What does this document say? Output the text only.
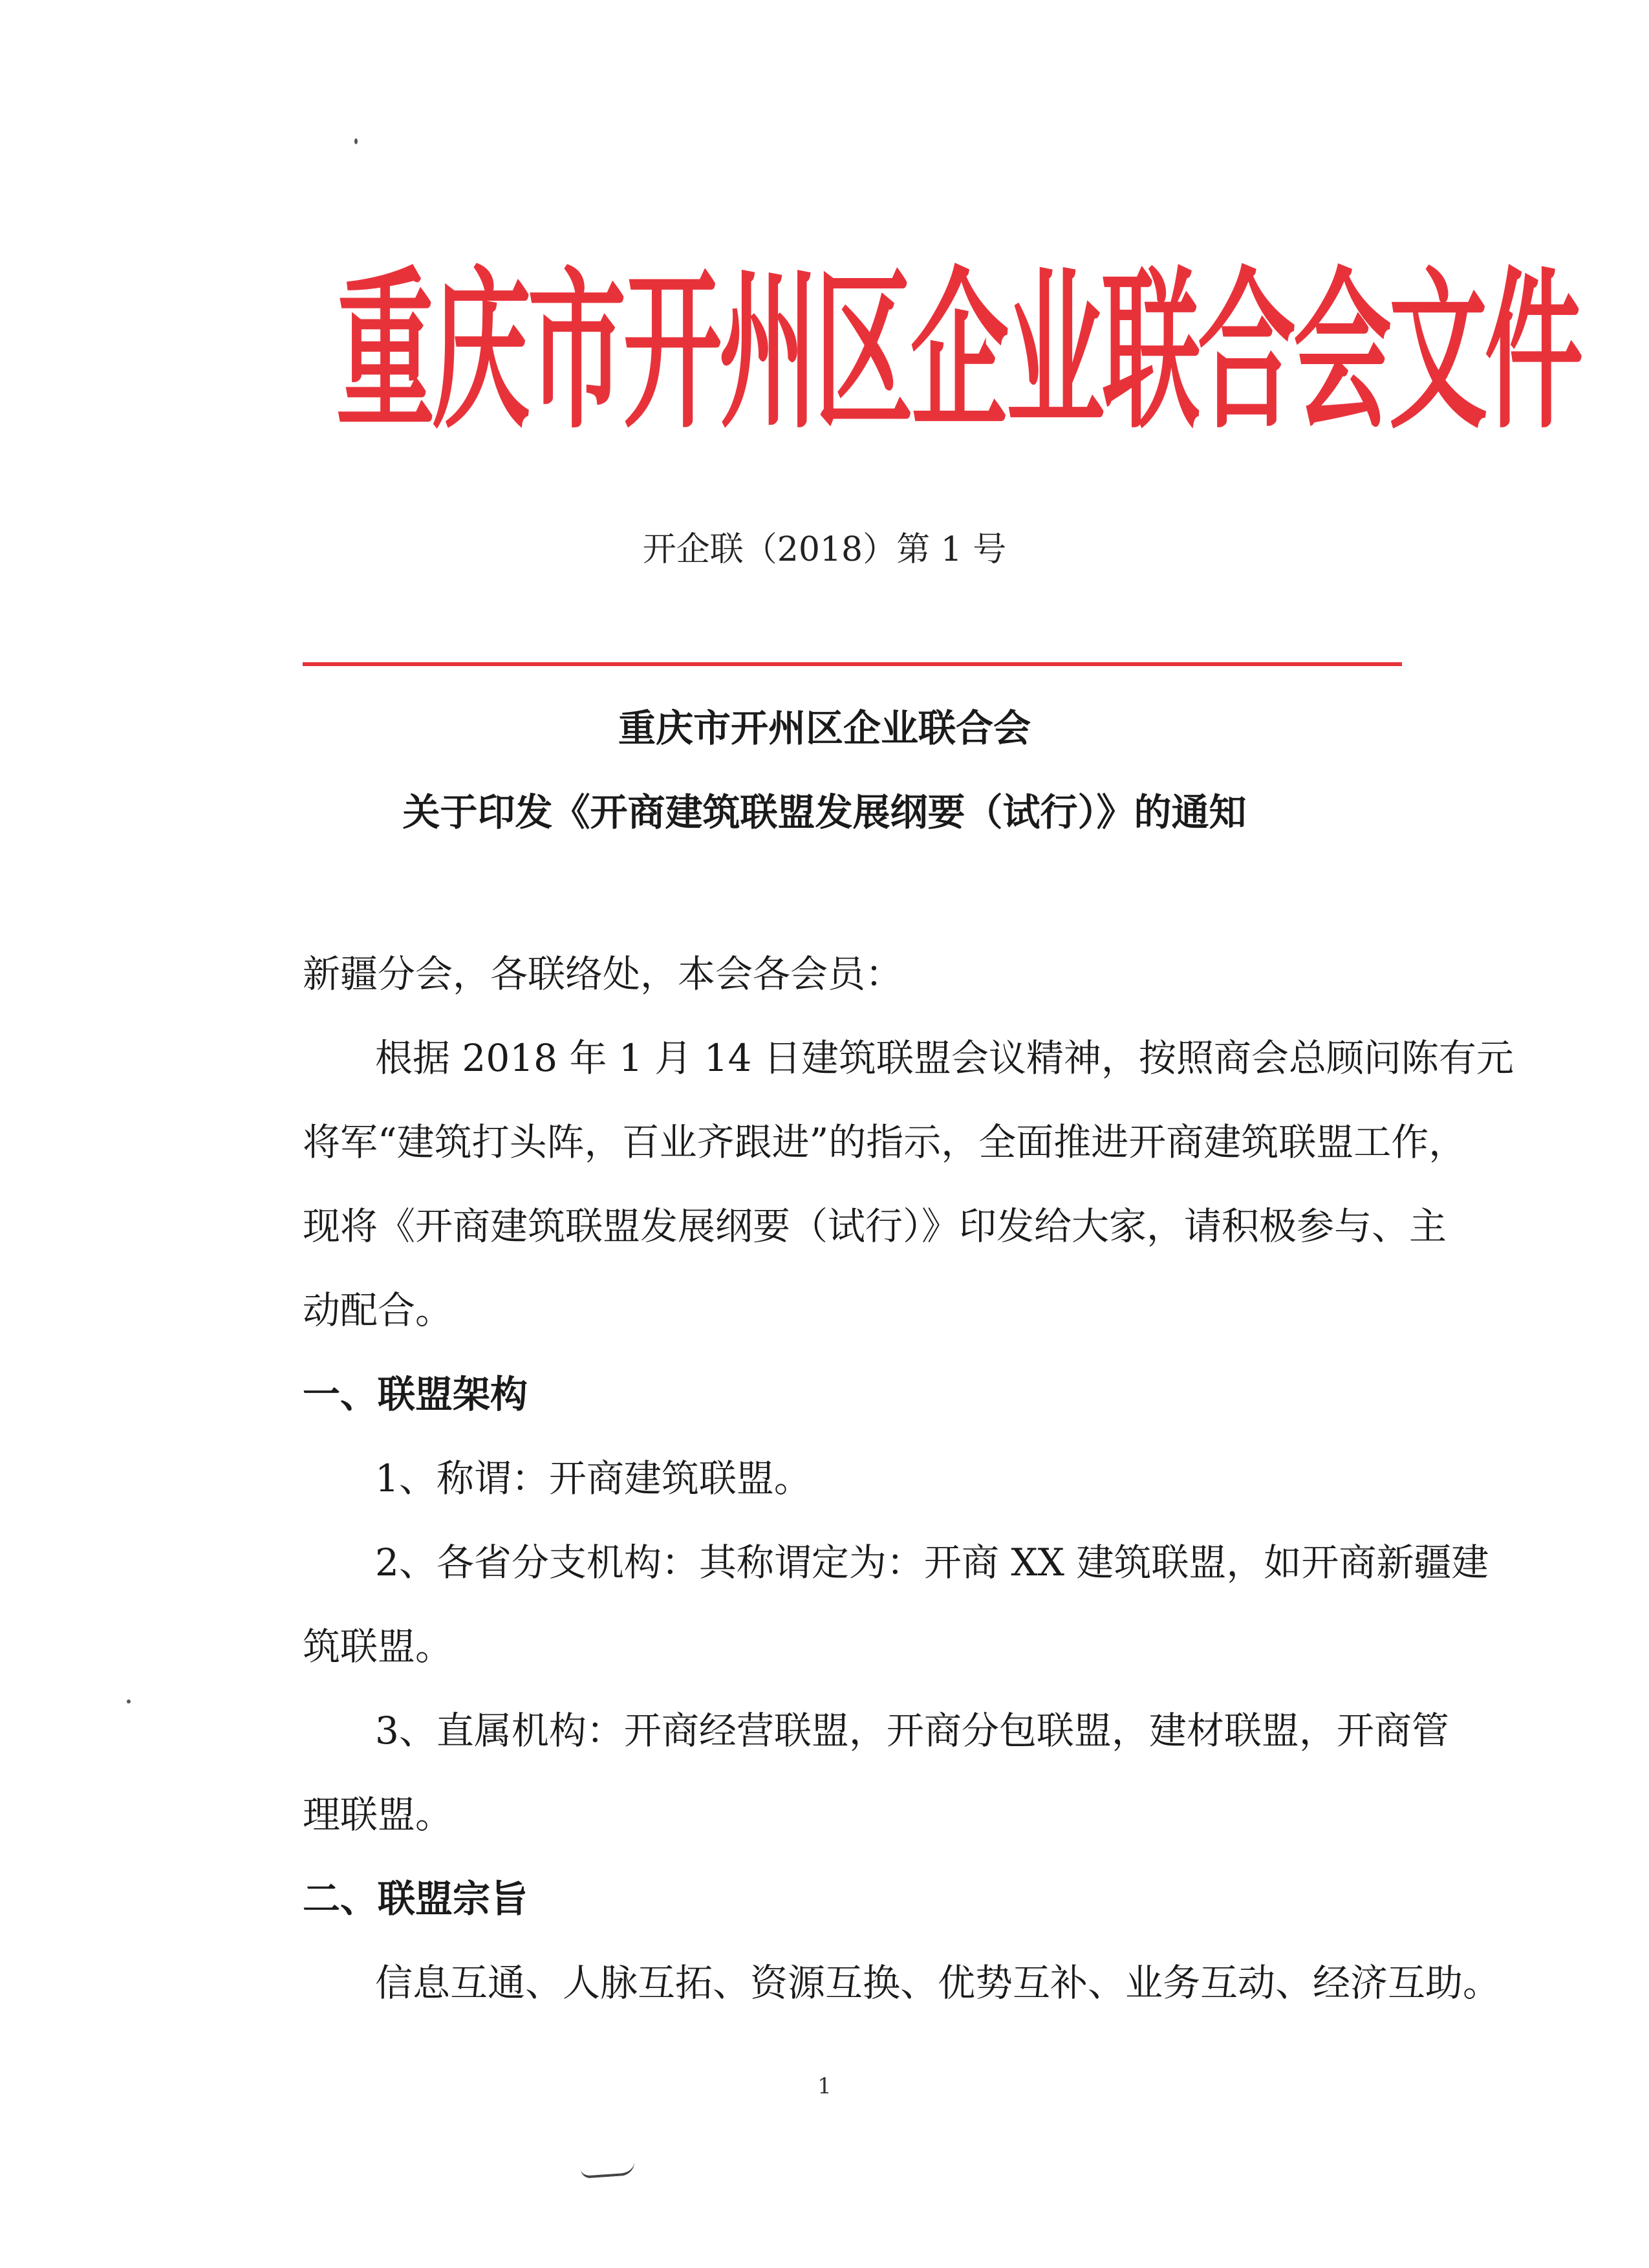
重庆市开州区企业联合会文件
开企联（2018）第 1 号
重庆市开州区企业联合会
关于印发《开商建筑联盟发展纲要（试行）》的通知
新疆分会，各联络处，本会各会员：
根据 2018 年 1 月 14 日建筑联盟会议精神，按照商会总顾问陈有元
将军“建筑打头阵，百业齐跟进”的指示，全面推进开商建筑联盟工作，
现将《开商建筑联盟发展纲要（试行）》印发给大家，请积极参与、主
动配合。
一、联盟架构
1、称谓：开商建筑联盟。
2、各省分支机构：其称谓定为：开商 XX 建筑联盟，如开商新疆建
筑联盟。
3、直属机构：开商经营联盟，开商分包联盟，建材联盟，开商管
理联盟。
二、联盟宗旨
信息互通、人脉互拓、资源互换、优势互补、业务互动、经济互助。
1
